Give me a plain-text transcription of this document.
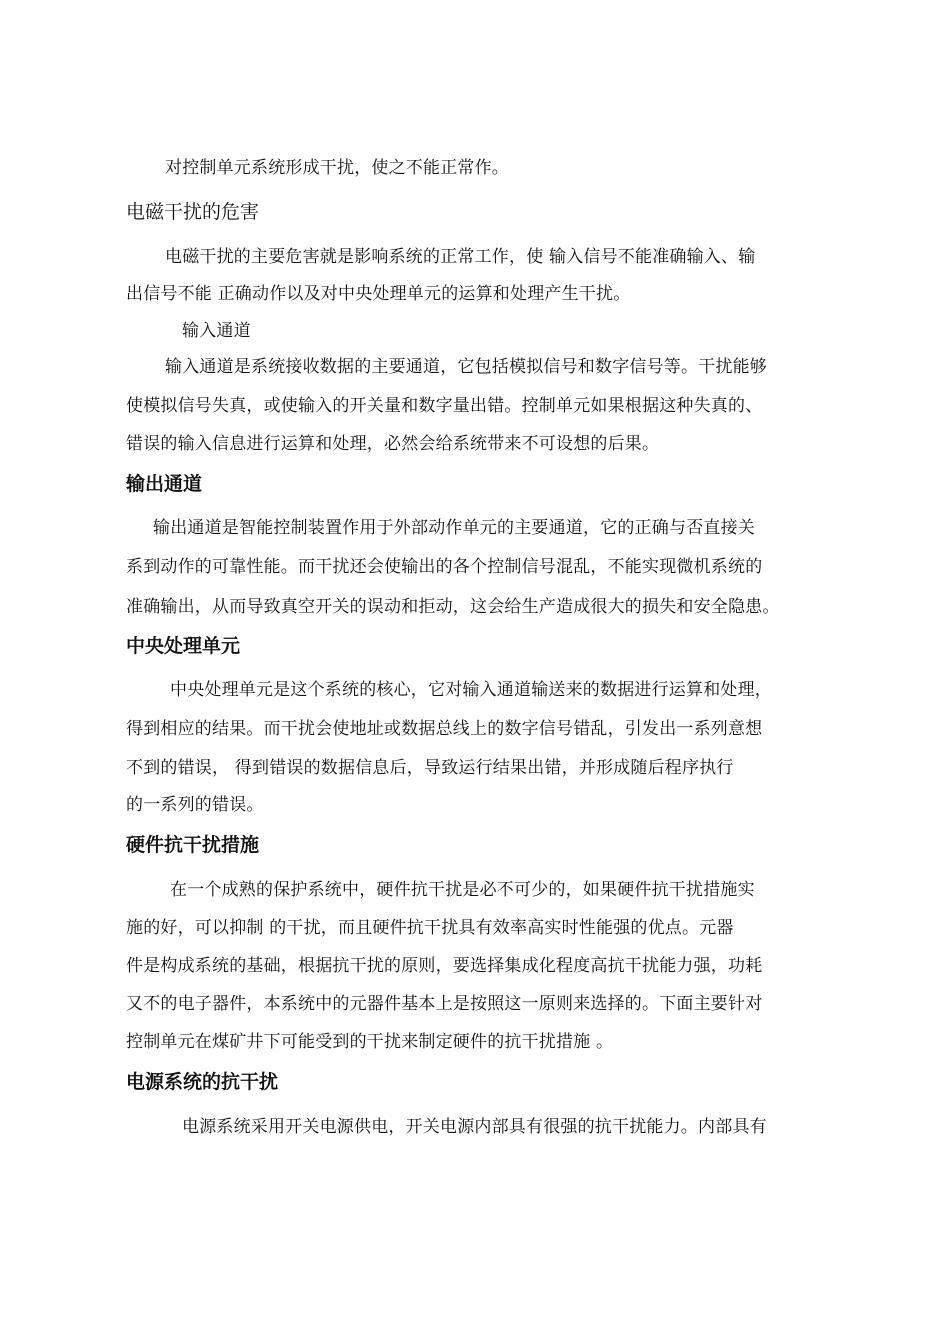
对控制单元系统形成干扰，使之不能正常作。
电磁干扰的危害
电磁干扰的主要危害就是影响系统的正常工作，使 输入信号不能准确输入、输
出信号不能 正确动作以及对中央处理单元的运算和处理产生干扰。
输入通道
输入通道是系统接收数据的主要通道，它包括模拟信号和数字信号等。干扰能够
使模拟信号失真，或使输入的开关量和数字量出错。控制单元如果根据这种失真的、
错误的输入信息进行运算和处理，必然会给系统带来不可设想的后果。
输出通道
输出通道是智能控制装置作用于外部动作单元的主要通道，它的正确与否直接关
系到动作的可靠性能。而干扰还会使输出的各个控制信号混乱，不能实现微机系统的
准确输出，从而导致真空开关的误动和拒动，这会给生产造成很大的损失和安全隐患。
中央处理单元
中央处理单元是这个系统的核心，它对输入通道输送来的数据进行运算和处理，
得到相应的结果。而干扰会使地址或数据总线上的数字信号错乱，引发出一系列意想
不到的错误， 得到错误的数据信息后，导致运行结果出错，并形成随后程序执行
的一系列的错误。
硬件抗干扰措施
在一个成熟的保护系统中，硬件抗干扰是必不可少的，如果硬件抗干扰措施实
施的好，可以抑制 的干扰，而且硬件抗干扰具有效率高实时性能强的优点。元器
件是构成系统的基础，根据抗干扰的原则，要选择集成化程度高抗干扰能力强，功耗
又不的电子器件，本系统中的元器件基本上是按照这一原则来选择的。下面主要针对
控制单元在煤矿井下可能受到的干扰来制定硬件的抗干扰措施 。
电源系统的抗干扰
电源系统采用开关电源供电，开关电源内部具有很强的抗干扰能力。内部具有
